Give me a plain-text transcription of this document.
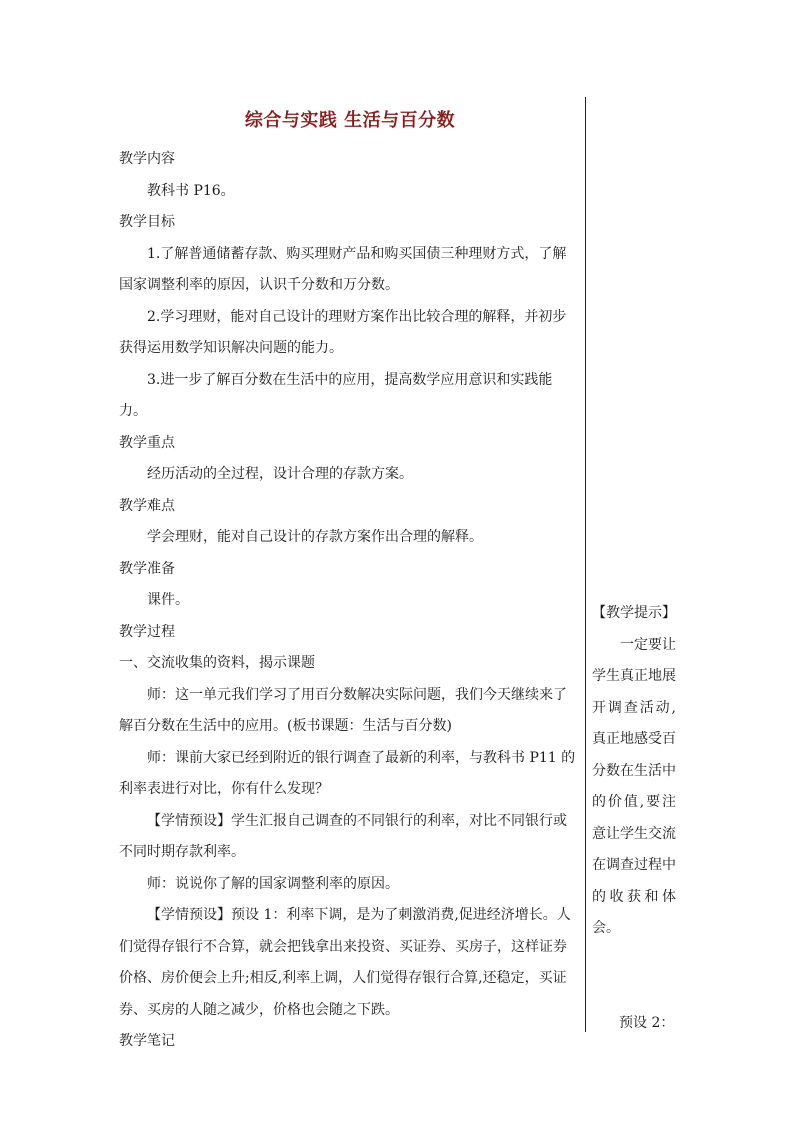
综合与实践 生活与百分数

教学内容

教科书 P16。

教学目标

1.了解普通储蓄存款、购买理财产品和购买国债三种理财方式，了解国家调整利率的原因，认识千分数和万分数。

2.学习理财，能对自己设计的理财方案作出比较合理的解释，并初步获得运用数学知识解决问题的能力。

3.进一步了解百分数在生活中的应用，提高数学应用意识和实践能力。

教学重点

经历活动的全过程，设计合理的存款方案。

教学难点

学会理财，能对自己设计的存款方案作出合理的解释。

教学准备

课件。

教学过程

一、交流收集的资料，揭示课题

师：这一单元我们学习了用百分数解决实际问题，我们今天继续来了解百分数在生活中的应用。(板书课题：生活与百分数)

师：课前大家已经到附近的银行调查了最新的利率，与教科书 P11 的利率表进行对比，你有什么发现？

【学情预设】学生汇报自己调查的不同银行的利率，对比不同银行或不同时期存款利率。

师：说说你了解的国家调整利率的原因。

【学情预设】预设 1：利率下调，是为了刺激消费,促进经济增长。人们觉得存银行不合算，就会把钱拿出来投资、买证券、买房子，这样证券价格、房价便会上升;相反,利率上调，人们觉得存银行合算,还稳定，买证券、买房的人随之减少，价格也会随之下跌。

教学笔记

【教学提示】

一定要让学生真正地展开调查活动,真正地感受百分数在生活中的价值,要注意让学生交流在调查过程中的收获和体会。

预设 2：
